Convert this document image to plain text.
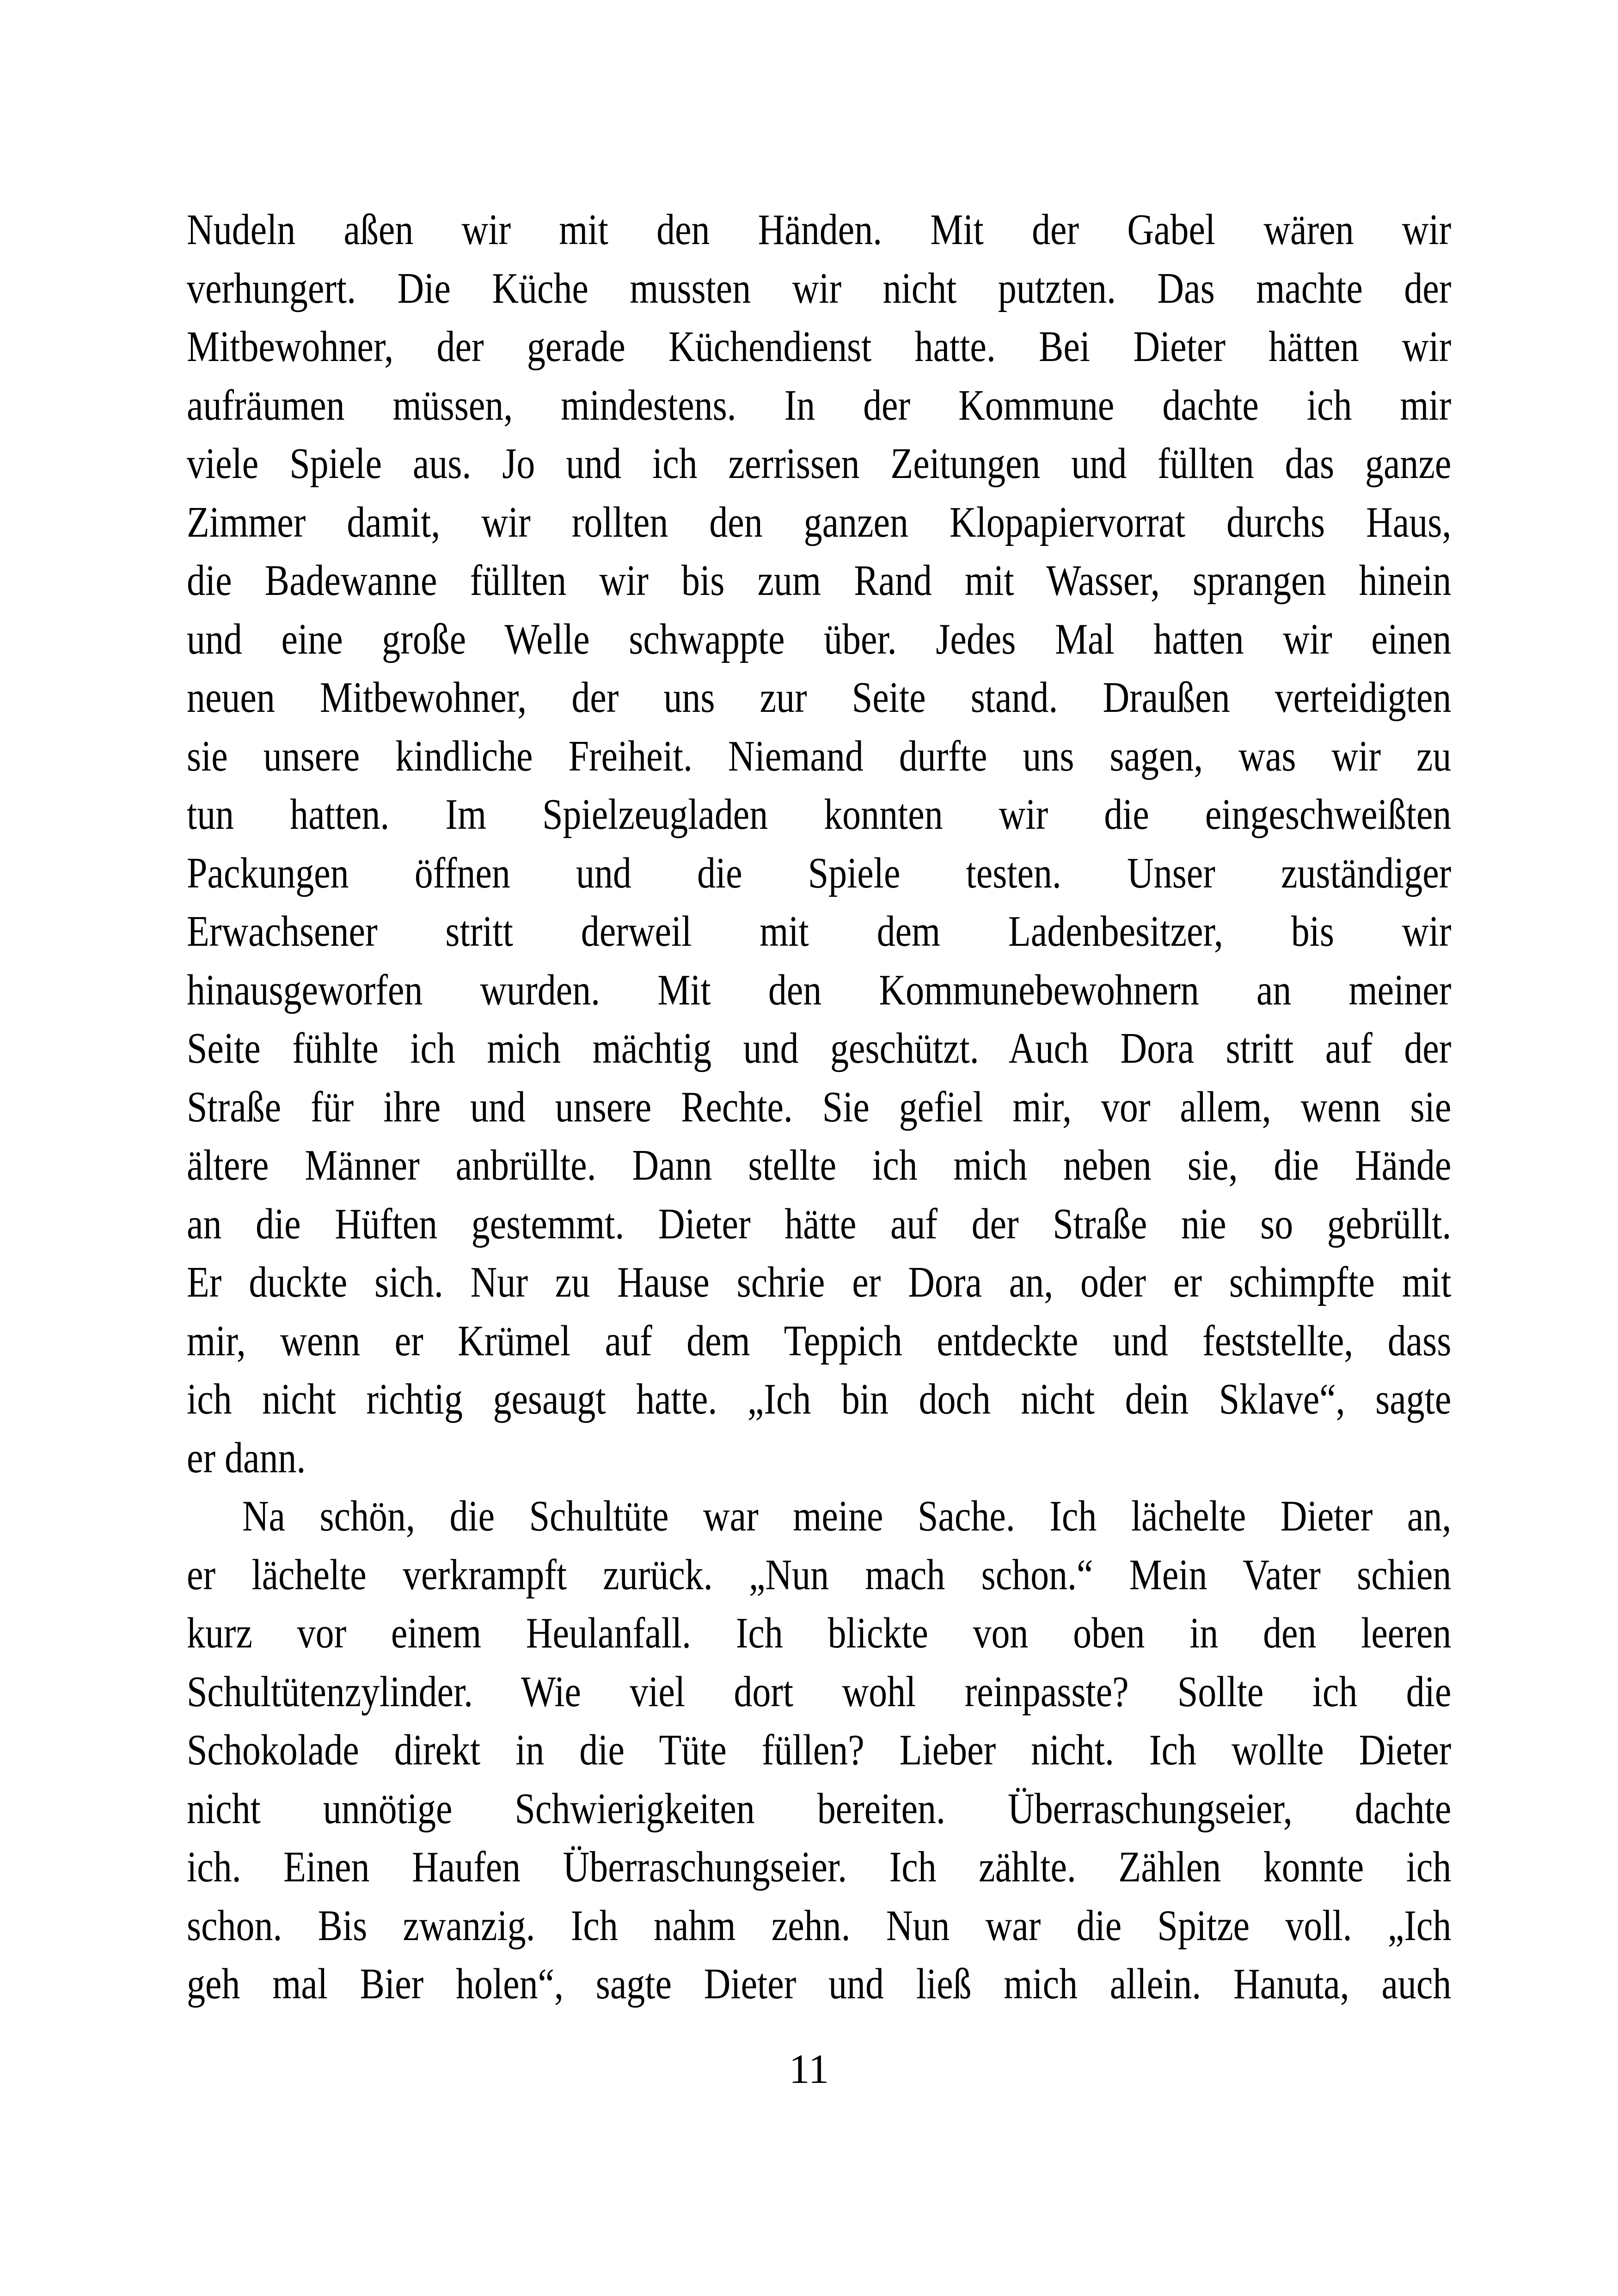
Nudeln aßen wir mit den Händen. Mit der Gabel wären wir
verhungert. Die Küche mussten wir nicht putzten. Das machte der
Mitbewohner, der gerade Küchendienst hatte. Bei Dieter hätten wir
aufräumen müssen, mindestens. In der Kommune dachte ich mir
viele Spiele aus. Jo und ich zerrissen Zeitungen und füllten das ganze
Zimmer damit, wir rollten den ganzen Klopapiervorrat durchs Haus,
die Badewanne füllten wir bis zum Rand mit Wasser, sprangen hinein
und eine große Welle schwappte über. Jedes Mal hatten wir einen
neuen Mitbewohner, der uns zur Seite stand. Draußen verteidigten
sie unsere kindliche Freiheit. Niemand durfte uns sagen, was wir zu
tun hatten. Im Spielzeugladen konnten wir die eingeschweißten
Packungen öffnen und die Spiele testen. Unser zuständiger
Erwachsener stritt derweil mit dem Ladenbesitzer, bis wir
hinausgeworfen wurden. Mit den Kommunebewohnern an meiner
Seite fühlte ich mich mächtig und geschützt. Auch Dora stritt auf der
Straße für ihre und unsere Rechte. Sie gefiel mir, vor allem, wenn sie
ältere Männer anbrüllte. Dann stellte ich mich neben sie, die Hände
an die Hüften gestemmt. Dieter hätte auf der Straße nie so gebrüllt.
Er duckte sich. Nur zu Hause schrie er Dora an, oder er schimpfte mit
mir, wenn er Krümel auf dem Teppich entdeckte und feststellte, dass
ich nicht richtig gesaugt hatte. „Ich bin doch nicht dein Sklave“, sagte
er dann.
Na schön, die Schultüte war meine Sache. Ich lächelte Dieter an,
er lächelte verkrampft zurück. „Nun mach schon.“ Mein Vater schien
kurz vor einem Heulanfall. Ich blickte von oben in den leeren
Schultütenzylinder. Wie viel dort wohl reinpasste? Sollte ich die
Schokolade direkt in die Tüte füllen? Lieber nicht. Ich wollte Dieter
nicht unnötige Schwierigkeiten bereiten. Überraschungseier, dachte
ich. Einen Haufen Überraschungseier. Ich zählte. Zählen konnte ich
schon. Bis zwanzig. Ich nahm zehn. Nun war die Spitze voll. „Ich
geh mal Bier holen“, sagte Dieter und ließ mich allein. Hanuta, auch
11
